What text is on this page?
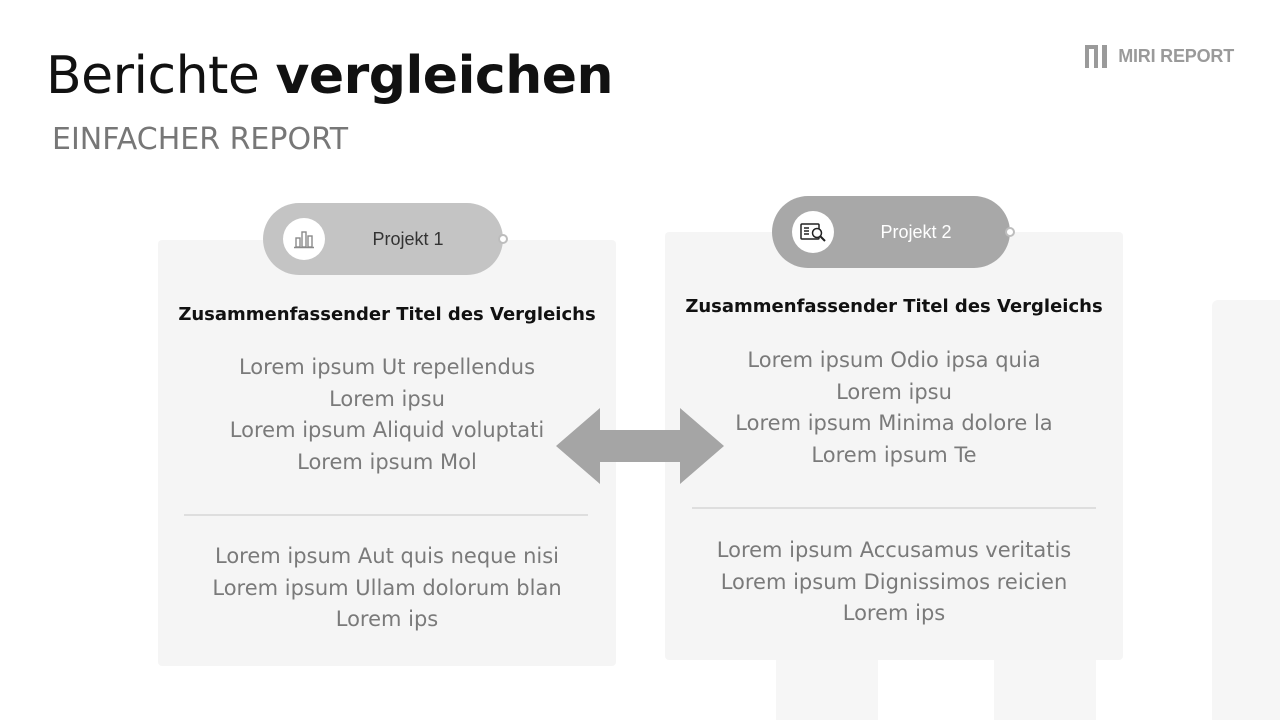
Berichte vergleichen
EINFACHER REPORT
MIRI REPORT
Zusammenfassender Titel des Vergleichs
Lorem ipsum Ut repellendus
Lorem ipsu
Lorem ipsum Aliquid voluptati
Lorem ipsum Mol
Lorem ipsum Aut quis neque nisi
Lorem ipsum Ullam dolorum blan
Lorem ips
Zusammenfassender Titel des Vergleichs
Lorem ipsum Odio ipsa quia
Lorem ipsu
Lorem ipsum Minima dolore la
Lorem ipsum Te
Lorem ipsum Accusamus veritatis
Lorem ipsum Dignissimos reicien
Lorem ips
Projekt 1	Projekt 2
